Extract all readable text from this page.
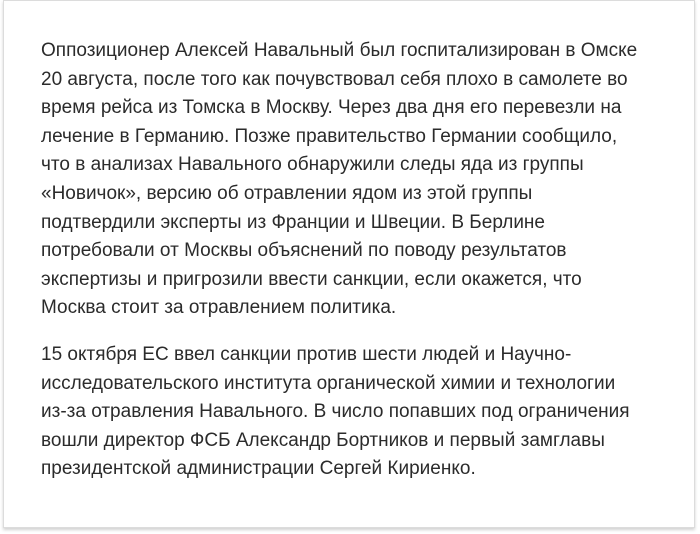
Оппозиционер Алексей Навальный был госпитализирован в Омске
20 августа, после того как почувствовал себя плохо в самолете во
время рейса из Томска в Москву. Через два дня его перевезли на
лечение в Германию. Позже правительство Германии сообщило,
что в анализах Навального обнаружили следы яда из группы
«Новичок», версию об отравлении ядом из этой группы
подтвердили эксперты из Франции и Швеции. В Берлине
потребовали от Москвы объяснений по поводу результатов
экспертизы и пригрозили ввести санкции, если окажется, что
Москва стоит за отравлением политика.

15 октября ЕС ввел санкции против шести людей и Научно-
исследовательского института органической химии и технологии
из-за отравления Навального. В число попавших под ограничения
вошли директор ФСБ Александр Бортников и первый замглавы
президентской администрации Сергей Кириенко.
